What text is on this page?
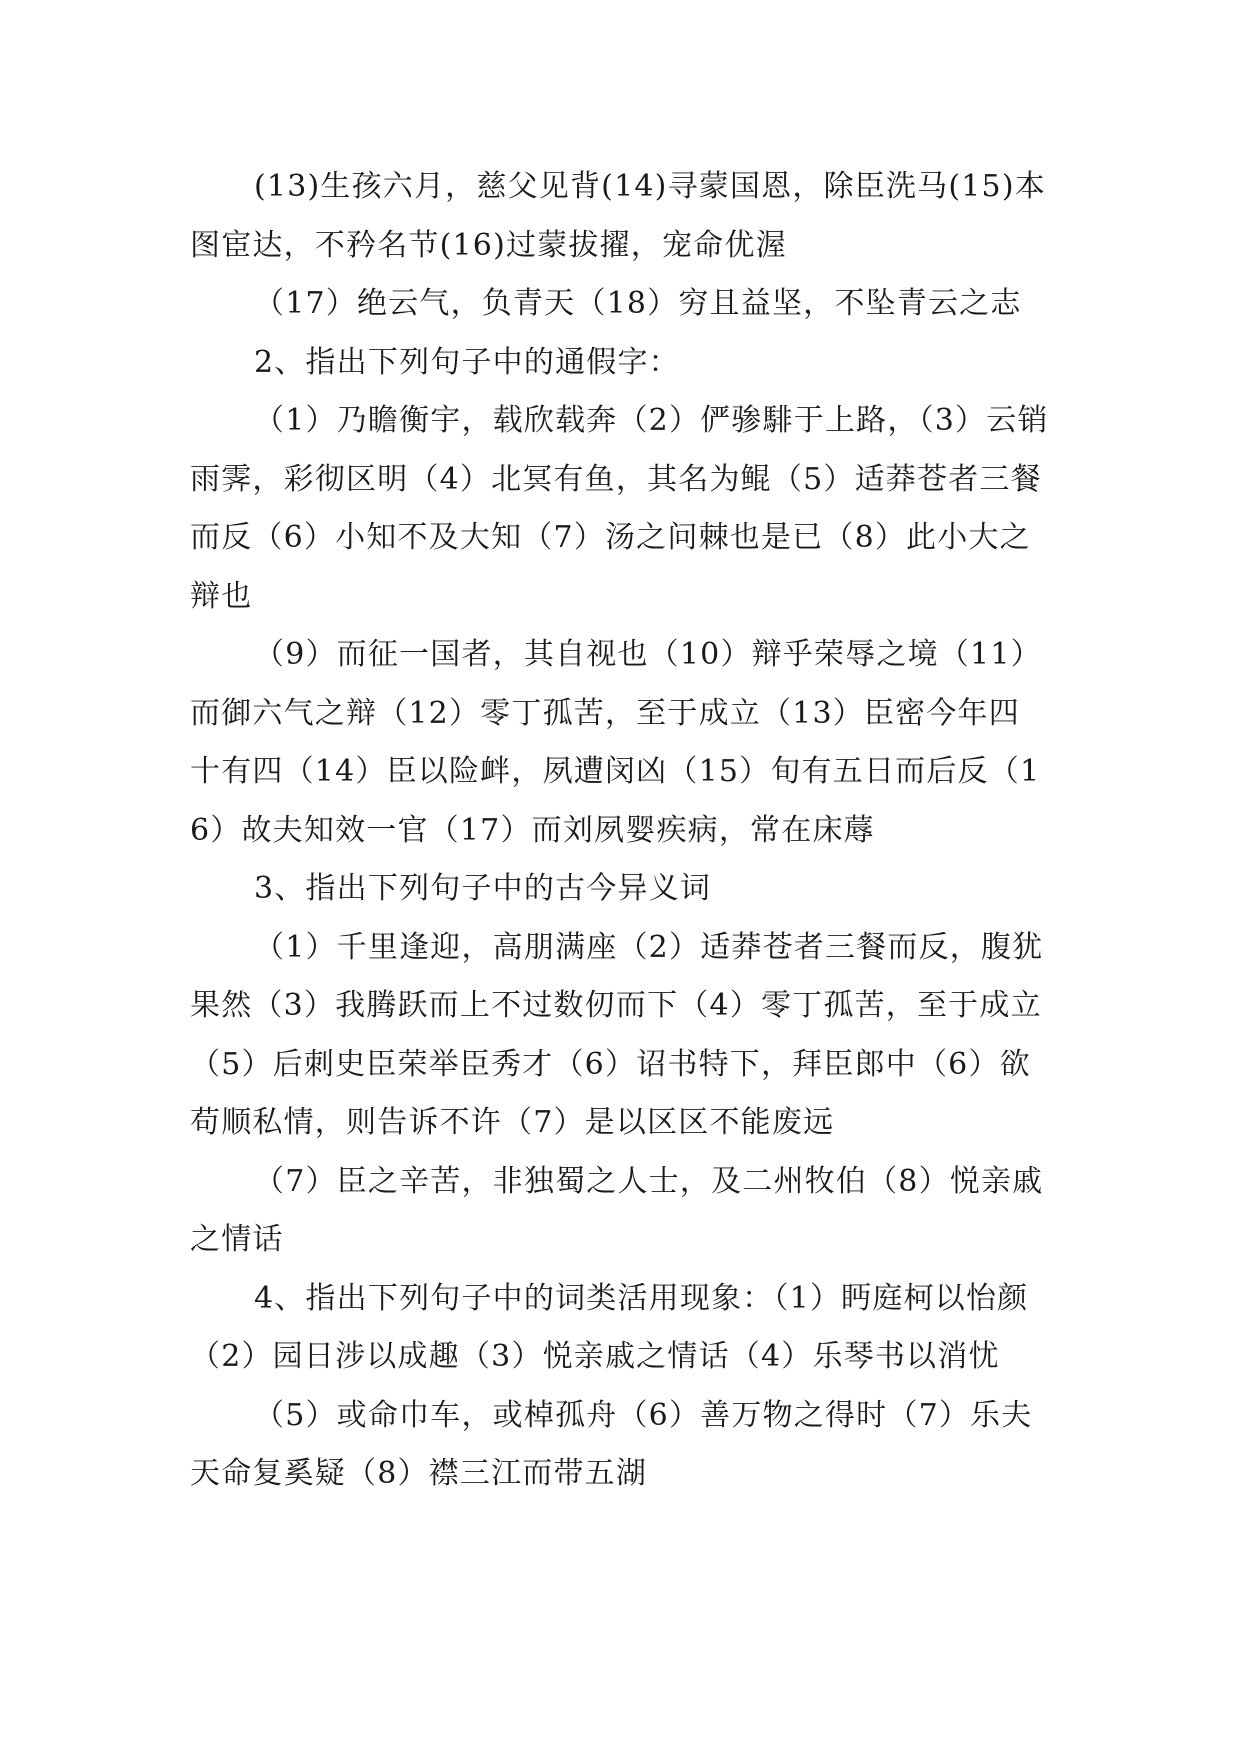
(13)生孩六月，慈父见背(14)寻蒙国恩，除臣洗马(15)本图宦达，不矜名节(16)过蒙拔擢，宠命优渥

（17）绝云气，负青天（18）穷且益坚，不坠青云之志

2、指出下列句子中的通假字：

（1）乃瞻衡宇，载欣载奔（2）俨骖騑于上路，（3）云销雨霁，彩彻区明（4）北冥有鱼，其名为鲲（5）适莽苍者三餐而反（6）小知不及大知（7）汤之问棘也是已（8）此小大之辩也

（9）而征一国者，其自视也（10）辩乎荣辱之境（11）而御六气之辩（12）零丁孤苦，至于成立（13）臣密今年四十有四（14）臣以险衅，夙遭闵凶（15）旬有五日而后反（16）故夫知效一官（17）而刘夙婴疾病，常在床蓐

3、指出下列句子中的古今异义词

（1）千里逢迎，高朋满座（2）适莽苍者三餐而反，腹犹果然（3）我腾跃而上不过数仞而下（4）零丁孤苦，至于成立（5）后刺史臣荣举臣秀才（6）诏书特下，拜臣郎中（6）欲苟顺私情，则告诉不许（7）是以区区不能废远

（7）臣之辛苦，非独蜀之人士，及二州牧伯（8）悦亲戚之情话

4、指出下列句子中的词类活用现象：（1）眄庭柯以怡颜（2）园日涉以成趣（3）悦亲戚之情话（4）乐琴书以消忧

（5）或命巾车，或棹孤舟（6）善万物之得时（7）乐夫天命复奚疑（8）襟三江而带五湖
